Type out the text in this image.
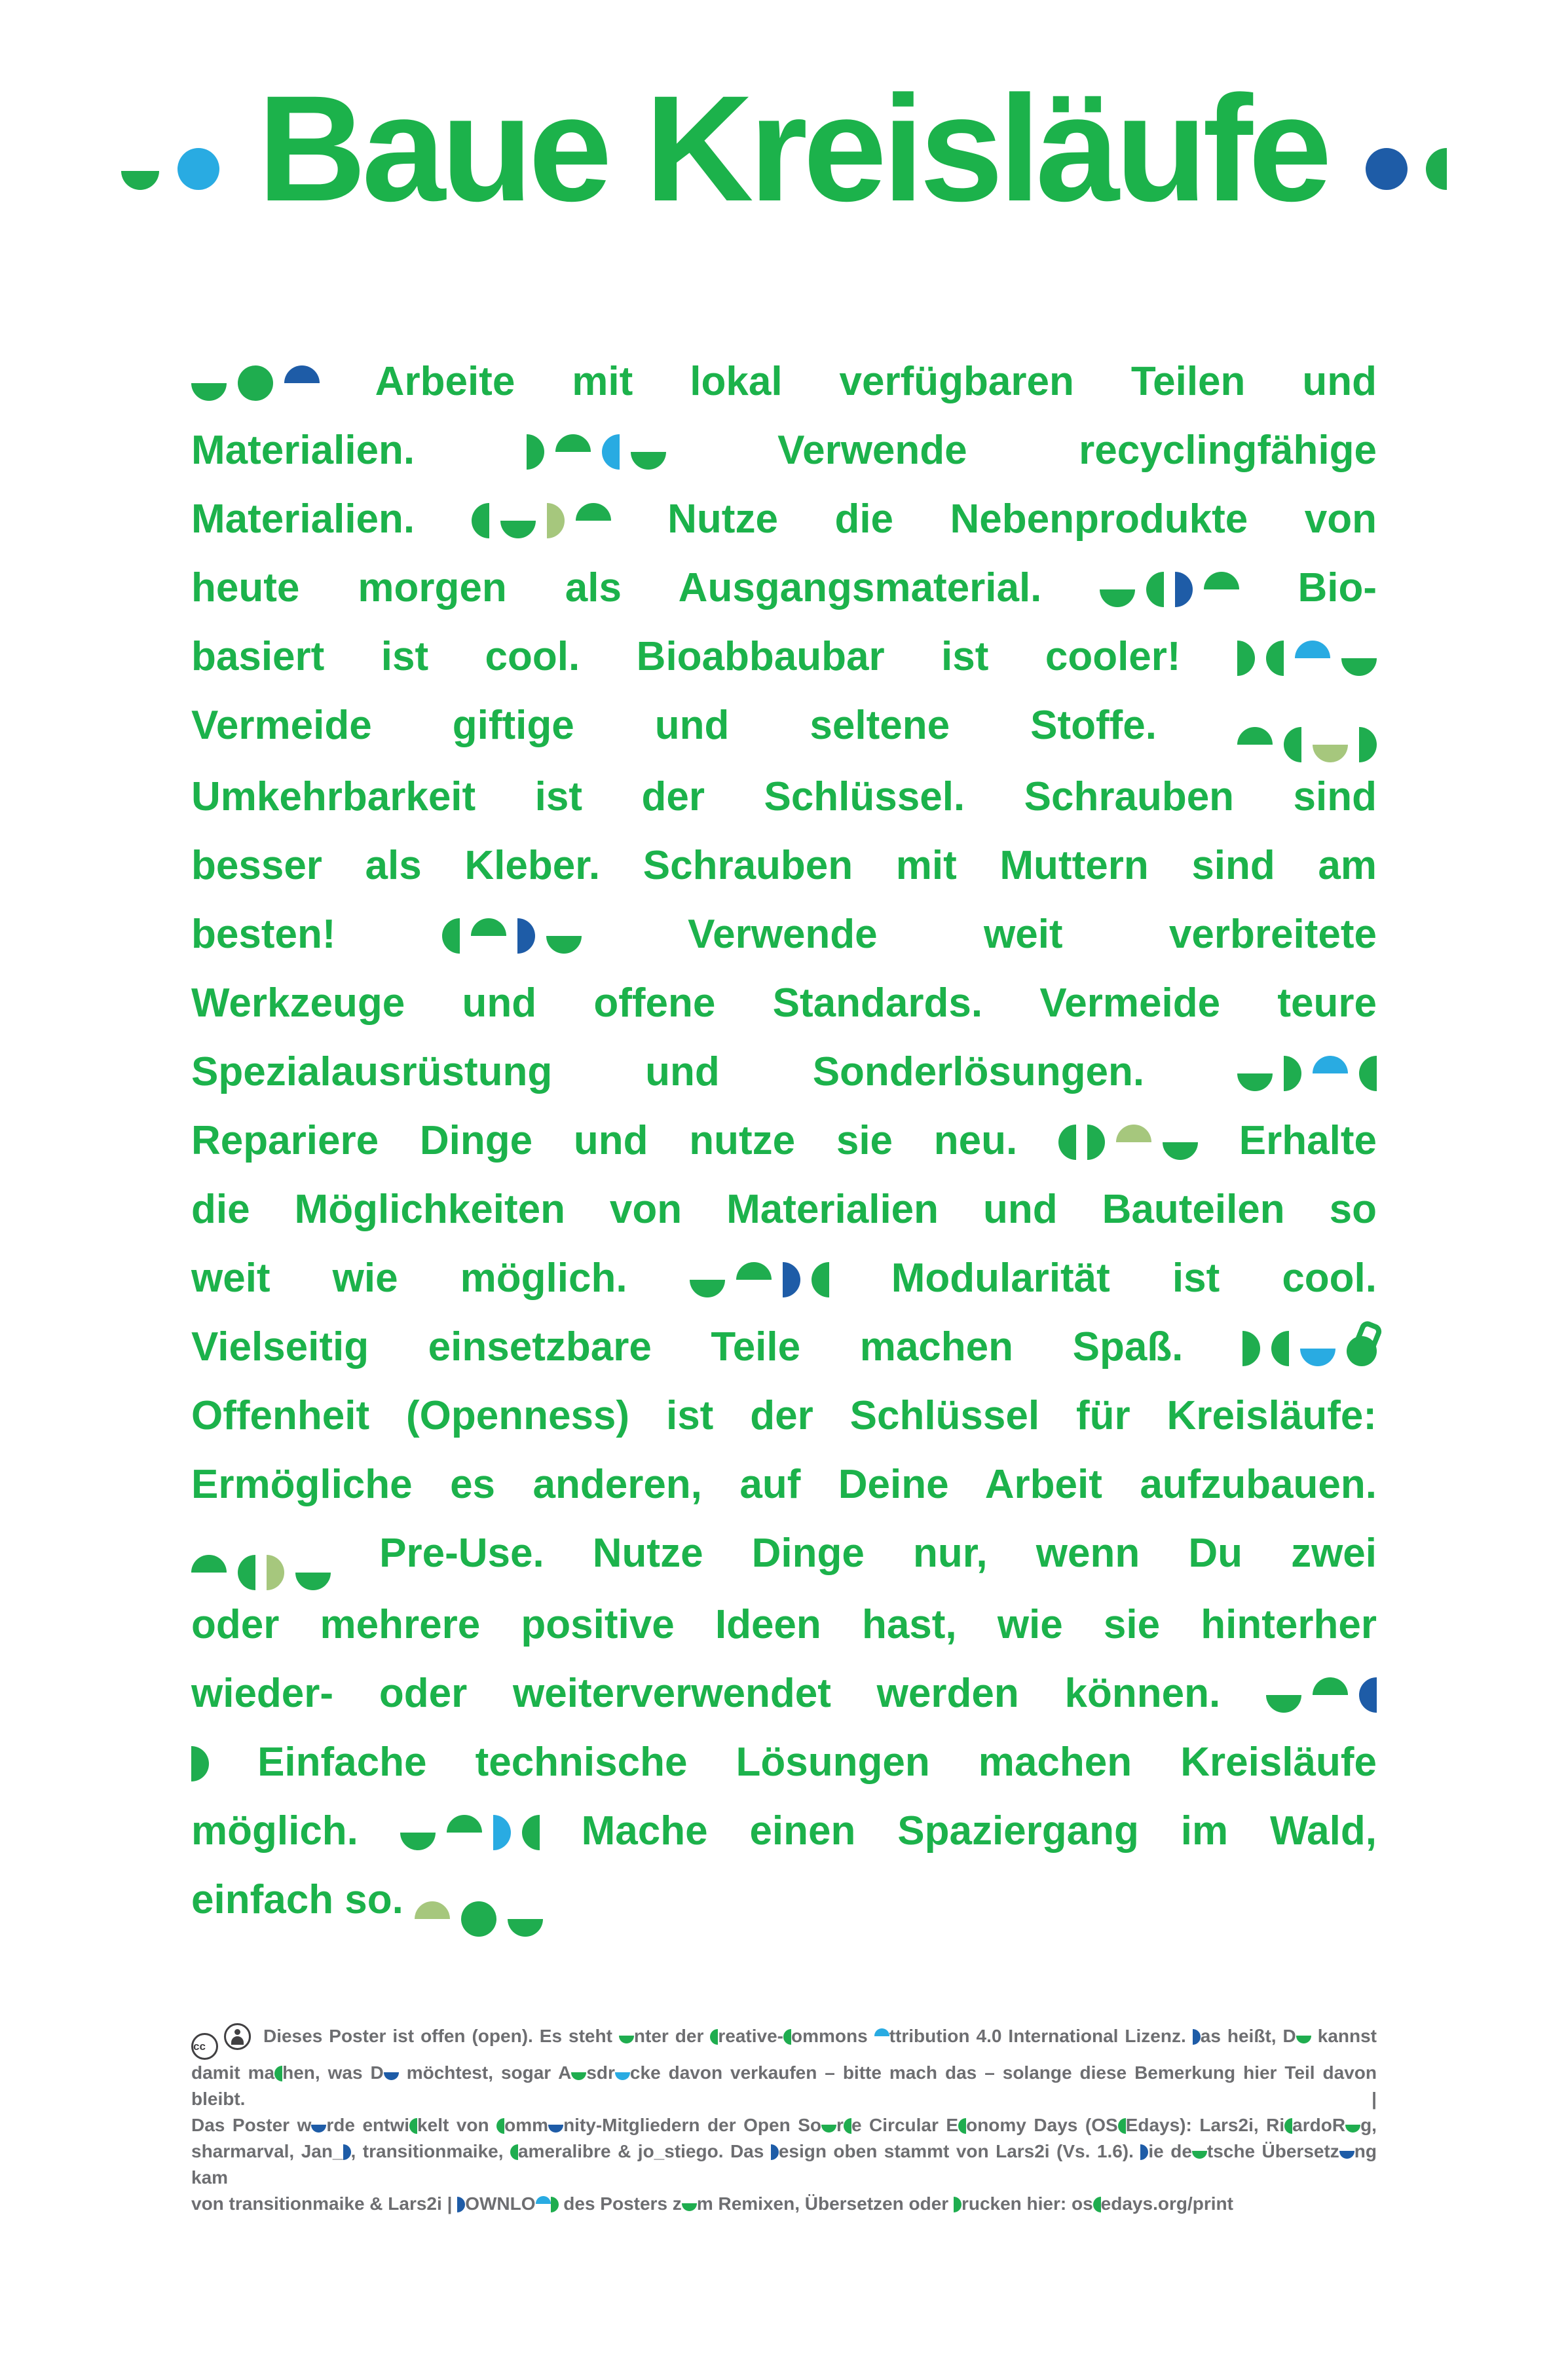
Baue Kreisläufe
Arbeite mit lokal verfügbaren Teilen und
Materialien.	Verwende recyclingfähige
Materialien.	Nutze die Nebenprodukte von
heute morgen als Ausgangsmaterial.	Bio-
basiert ist cool. Bioabbaubar ist cooler!
Vermeide giftige und seltene Stoffe.
Umkehrbarkeit ist der Schlüssel. Schrauben sind
besser als Kleber. Schrauben mit Muttern sind am
besten!	Verwende weit verbreitete
Werkzeuge und offene Standards. Vermeide teure
Spezialausrüstung und Sonderlösungen.
Repariere Dinge und nutze sie neu.	Erhalte
die Möglichkeiten von Materialien und Bauteilen so
weit wie möglich.	Modularität ist cool.
Vielseitig einsetzbare Teile machen Spaß.
Offenheit (Openness) ist der Schlüssel für Kreisläufe:
Ermögliche es anderen, auf Deine Arbeit aufzubauen.
Pre-Use. Nutze Dinge nur, wenn Du zwei
oder mehrere positive Ideen hast, wie sie hinterher
wieder- oder weiterverwendet werden können.
Einfache technische Lösungen machen Kreisläufe
möglich.	Mache einen Spaziergang im Wald,
einfach so.
cc Dieses Poster ist offen (open). Es steht nter der reative- ommons ttribution 4.0 International Lizenz. as heißt, D kannst
damit ma hen, was D möchtest, sogar A sdr cke davon verkaufen – bitte mach das – solange diese Bemerkung hier Teil davon bleibt. |
Das Poster w rde entwi kelt von omm nity-Mitgliedern der Open So r e Circular E onomy Days (OS Edays): Lars2i, Ri ardoR g,
sharmarval, Jan_ , transitionmaike, ameralibre & jo_stiego. Das esign oben stammt von Lars2i (Vs. 1.6). ie de tsche Übersetz ng kam
von transitionmaike & Lars2i | OWNLO des Posters z m Remixen, Übersetzen oder rucken hier: os edays.org/print
